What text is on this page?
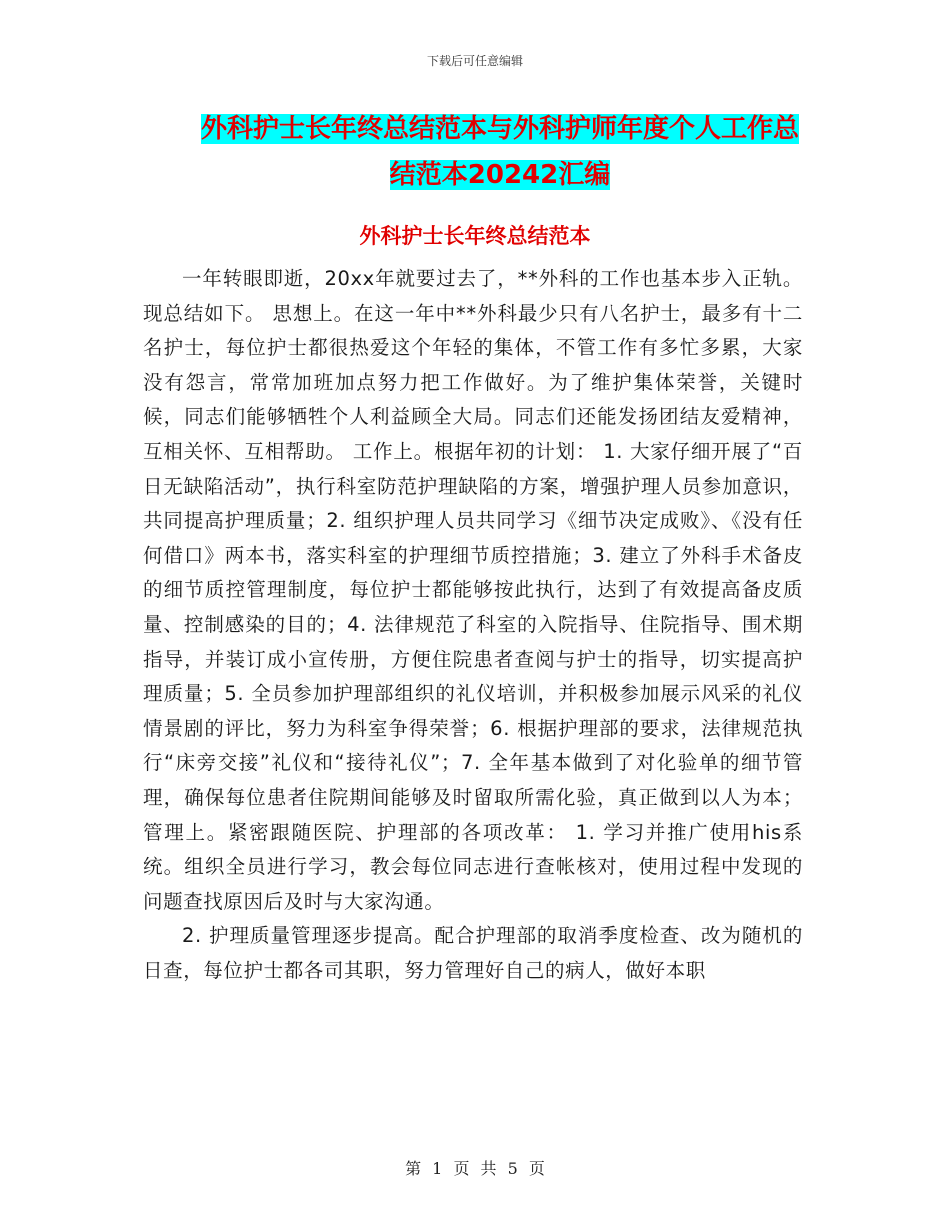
下载后可任意编辑
外科护士长年终总结范本与外科护师年度个人工作总
结范本20242汇编
外科护士长年终总结范本

一年转眼即逝，20xx年就要过去了，**外科的工作也基本步入正轨。现总结如下。 思想上。在这一年中**外科最少只有八名护士，最多有十二名护士，每位护士都很热爱这个年轻的集体，不管工作有多忙多累，大家没有怨言，常常加班加点努力把工作做好。为了维护集体荣誉，关键时候，同志们能够牺牲个人利益顾全大局。同志们还能发扬团结友爱精神，互相关怀、互相帮助。 工作上。根据年初的计划： 1. 大家仔细开展了“百日无缺陷活动”，执行科室防范护理缺陷的方案，增强护理人员参加意识，共同提高护理质量；2. 组织护理人员共同学习《细节决定成败》、《没有任何借口》两本书，落实科室的护理细节质控措施；3. 建立了外科手术备皮的细节质控管理制度，每位护士都能够按此执行，达到了有效提高备皮质量、控制感染的目的；4. 法律规范了科室的入院指导、住院指导、围术期指导，并装订成小宣传册，方便住院患者查阅与护士的指导，切实提高护理质量；5. 全员参加护理部组织的礼仪培训，并积极参加展示风采的礼仪情景剧的评比，努力为科室争得荣誉；6. 根据护理部的要求，法律规范执行“床旁交接”礼仪和“接待礼仪”；7. 全年基本做到了对化验单的细节管理，确保每位患者住院期间能够及时留取所需化验，真正做到以人为本；管理上。紧密跟随医院、护理部的各项改革： 1. 学习并推广使用his系统。组织全员进行学习，教会每位同志进行查帐核对，使用过程中发现的问题查找原因后及时与大家沟通。

2. 护理质量管理逐步提高。配合护理部的取消季度检查、改为随机的日查，每位护士都各司其职，努力管理好自己的病人，做好本职

第 1 页 共 5 页
